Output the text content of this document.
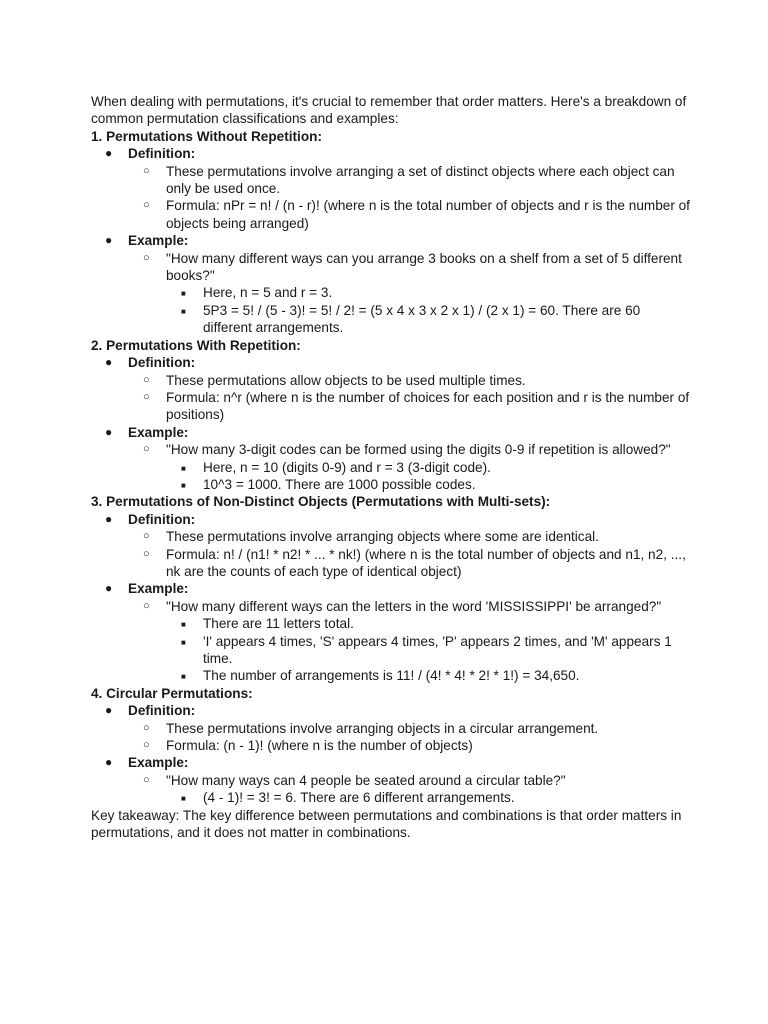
When dealing with permutations, it's crucial to remember that order matters. Here's a breakdown of common permutation classifications and examples:

1. Permutations Without Repetition:

● Definition:
○ These permutations involve arranging a set of distinct objects where each object can only be used once.
○ Formula: nPr = n! / (n - r)! (where n is the total number of objects and r is the number of objects being arranged)
● Example:
○ "How many different ways can you arrange 3 books on a shelf from a set of 5 different books?"
■ Here, n = 5 and r = 3.
■ 5P3 = 5! / (5 - 3)! = 5! / 2! = (5 x 4 x 3 x 2 x 1) / (2 x 1) = 60. There are 60 different arrangements.

2. Permutations With Repetition:

● Definition:
○ These permutations allow objects to be used multiple times.
○ Formula: n^r (where n is the number of choices for each position and r is the number of positions)
● Example:
○ "How many 3-digit codes can be formed using the digits 0-9 if repetition is allowed?"
■ Here, n = 10 (digits 0-9) and r = 3 (3-digit code).
■ 10^3 = 1000. There are 1000 possible codes.

3. Permutations of Non-Distinct Objects (Permutations with Multi-sets):

● Definition:
○ These permutations involve arranging objects where some are identical.
○ Formula: n! / (n1! * n2! * ... * nk!) (where n is the total number of objects and n1, n2, ..., nk are the counts of each type of identical object)
● Example:
○ "How many different ways can the letters in the word 'MISSISSIPPI' be arranged?"
■ There are 11 letters total.
■ 'I' appears 4 times, 'S' appears 4 times, 'P' appears 2 times, and 'M' appears 1 time.
■ The number of arrangements is 11! / (4! * 4! * 2! * 1!) = 34,650.

4. Circular Permutations:

● Definition:
○ These permutations involve arranging objects in a circular arrangement.
○ Formula: (n - 1)! (where n is the number of objects)
● Example:
○ "How many ways can 4 people be seated around a circular table?"
■ (4 - 1)! = 3! = 6. There are 6 different arrangements.

Key takeaway: The key difference between permutations and combinations is that order matters in permutations, and it does not matter in combinations.
